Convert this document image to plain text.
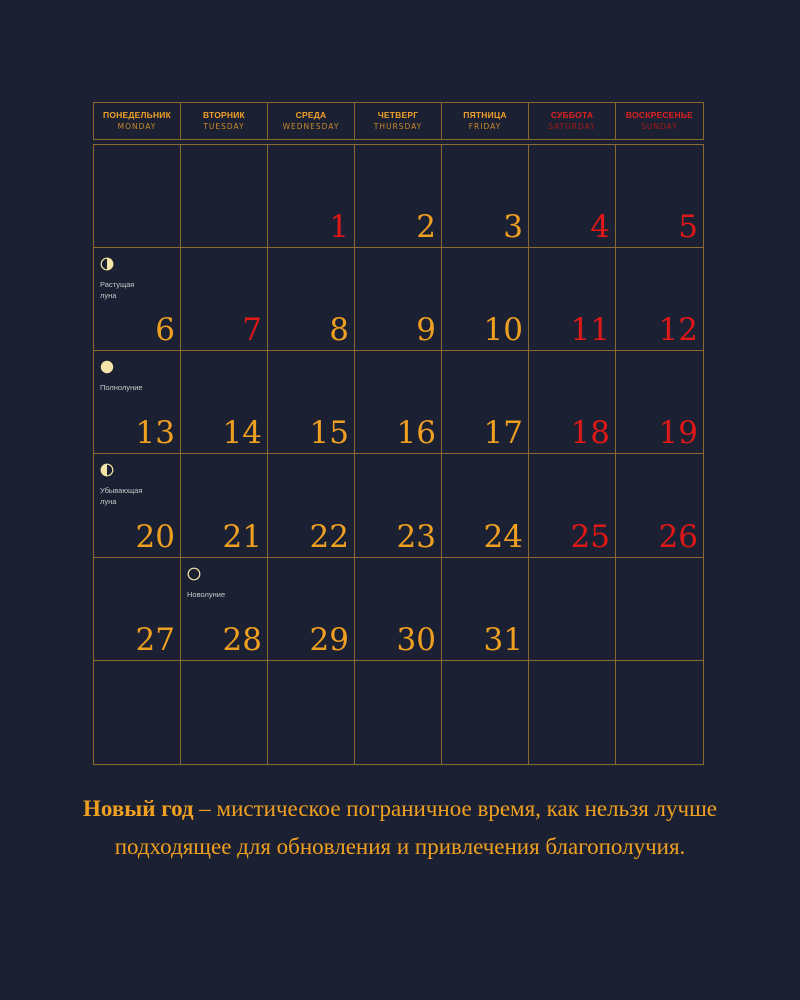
ПОНЕДЕЛЬНИК
MONDAY
ВТОРНИК
TUESDAY
СРЕДА
WEDNESDAY
ЧЕТВЕРГ
THURSDAY
ПЯТНИЦА
FRIDAY
СУББОТА
SATURDAY
ВОСКРЕСЕНЬЕ
SUNDAY
1 2 3 4 5
6
Растущая луна
7 8 9 10 11 12
13
Полнолуние
14 15 16 17 18 19
20
Убывающая луна
21 22 23 24 25 26
27 28
Новолуние
29 30 31
Новый год – мистическое пограничное время, как нельзя лучше подходящее для обновления и привлечения благополучия.
